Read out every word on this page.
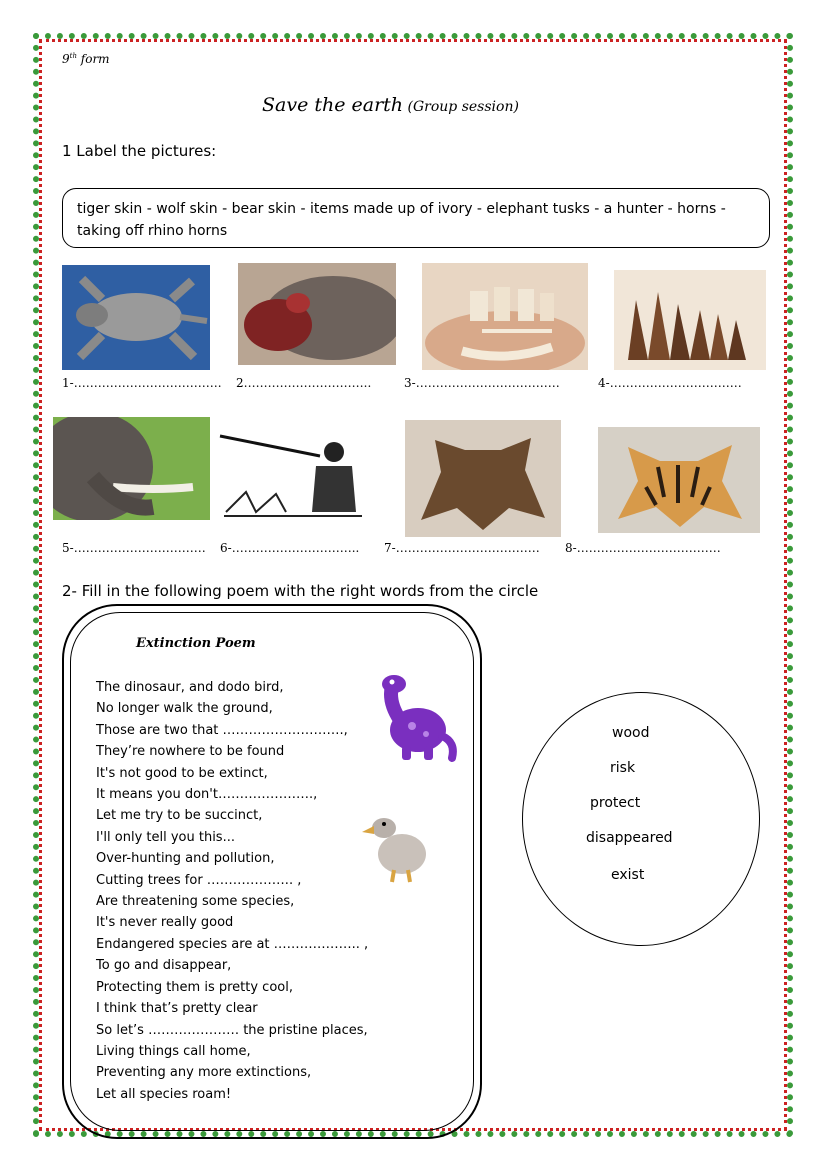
9th form
Save the earth (Group session)
1 Label the pictures:
tiger skin - wolf skin - bear skin - items made up of ivory - elephant tusks - a hunter - horns - taking off rhino horns
1-………………………………. 2…………………………..	3-………………………………	4-……………………………
5-…………………………… 6-………………………….. 7-……………………………… 8-………………………………
2- Fill in the following poem with the right words from the circle
Extinction Poem
The dinosaur, and dodo bird,
No longer walk the ground,
Those are two that ……………………….,
They’re nowhere to be found
It's not good to be extinct,
It means you don't………………….,
Let me try to be succinct,
I'll only tell you this...
Over-hunting and pollution,
Cutting trees for ……………….. ,
Are threatening some species,
It's never really good
Endangered species are at ……………….. ,
To go and disappear,
Protecting them is pretty cool,
I think that’s pretty clear
So let’s ………………… the pristine places,
Living things call home,
Preventing any more extinctions,
Let all species roam!
wood
risk
protect
disappeared
exist
